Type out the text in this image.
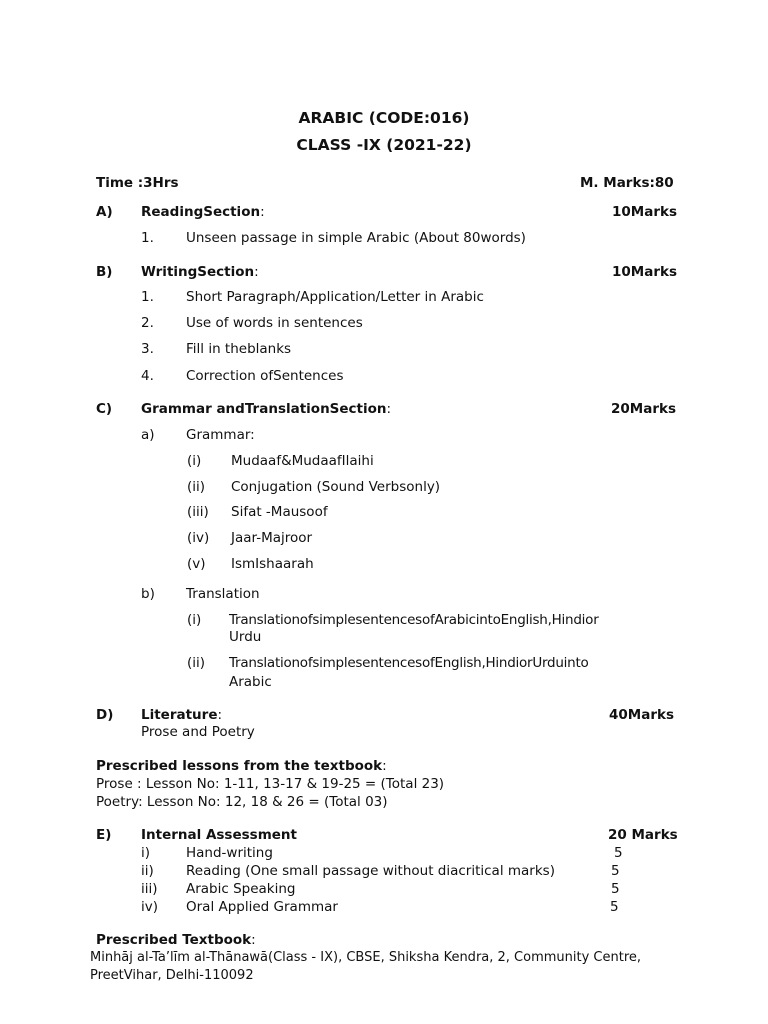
ARABIC (CODE:016)
CLASS -IX (2021-22)
Time :3Hrs	M. Marks:80
A) ReadingSection:	10Marks
1. Unseen passage in simple Arabic (About 80words)
B) WritingSection:	10Marks
1. Short Paragraph/Application/Letter in Arabic
2. Use of words in sentences
3. Fill in theblanks
4. Correction ofSentences
C) Grammar andTranslationSection:	20Marks
a) Grammar:
(i) Mudaaf&MudaafIlaihi
(ii) Conjugation (Sound Verbsonly)
(iii) Sifat -Mausoof
(iv) Jaar-Majroor
(v) IsmIshaarah
b) Translation
(i) TranslationofsimplesentencesofArabicintoEnglish,Hindior
Urdu
(ii) TranslationofsimplesentencesofEnglish,HindiorUrduinto
Arabic
D) Literature:	40Marks
Prose and Poetry
Prescribed lessons from the textbook:
Prose : Lesson No: 1-11, 13-17 & 19-25 = (Total 23)
Poetry: Lesson No: 12, 18 & 26 = (Total 03)
E) Internal Assessment	20 Marks
i)	Hand-writing	5
ii) Reading (One small passage without diacritical marks)	5
iii) Arabic Speaking	5
iv) Oral Applied Grammar	5
Prescribed Textbook:
Minhāj al-Ta’līm al-Thānawā(Class - IX), CBSE, Shiksha Kendra, 2, Community Centre,
PreetVihar, Delhi-110092
